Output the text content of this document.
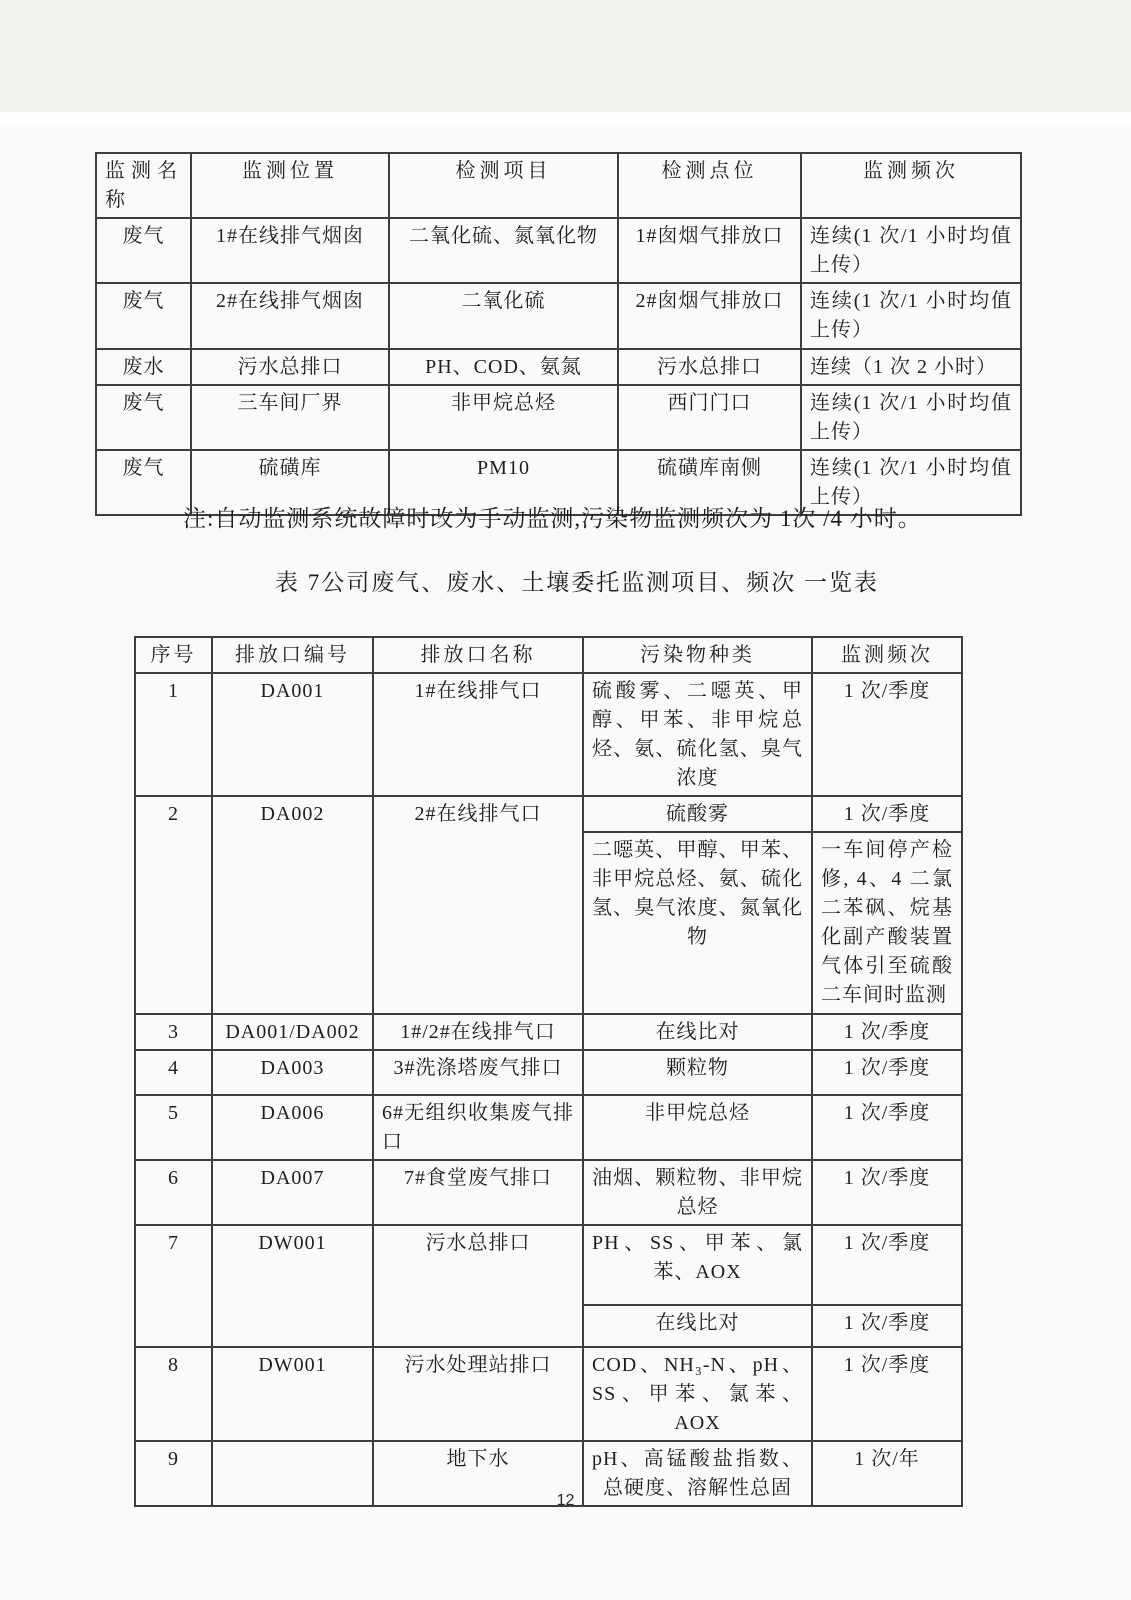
监测名称	监测位置	检测项目	检测点位	监测频次
废气	1#在线排气烟囱	二氧化硫、氮氧化物	1#囱烟气排放口	连续(1 次/1 小时均值上传）
废气	2#在线排气烟囱	二氧化硫	2#囱烟气排放口	连续(1 次/1 小时均值上传）
废水	污水总排口	PH、COD、氨氮	污水总排口	连续（1 次 2 小时）
废气	三车间厂界	非甲烷总烃	西门门口	连续(1 次/1 小时均值上传）
废气	硫磺库	PM10	硫磺库南侧	连续(1 次/1 小时均值上传）

注:自动监测系统故障时改为手动监测,污染物监测频次为 1次 /4 小时。

表 7公司废气、废水、土壤委托监测项目、频次 一览表
序号	排放口编号	排放口名称	污染物种类	监测频次
1	DA001	1#在线排气口	硫酸雾、二噁英、甲醇、甲苯、非甲烷总烃、氨、硫化氢、臭气浓度	1 次/季度
2	DA002	2#在线排气口	硫酸雾	1 次/季度
			二噁英、甲醇、甲苯、非甲烷总烃、氨、硫化氢、臭气浓度、氮氧化物	一车间停产检修, 4、4 二氯二苯砜、烷基化副产酸装置气体引至硫酸二车间时监测
3	DA001/DA002	1#/2#在线排气口	在线比对	1 次/季度
4	DA003	3#洗涤塔废气排口	颗粒物	1 次/季度
5	DA006	6#无组织收集废气排口	非甲烷总烃	1 次/季度
6	DA007	7#食堂废气排口	油烟、颗粒物、非甲烷总烃	1 次/季度
7	DW001	污水总排口	PH、SS、甲苯、氯苯、AOX	1 次/季度
			在线比对	1 次/季度
8	DW001	污水处理站排口	COD、NH₃-N、pH、SS、甲苯、氯苯、AOX	1 次/季度
9		地下水	pH、高锰酸盐指数、总硬度、溶解性总固	1 次/年
12
